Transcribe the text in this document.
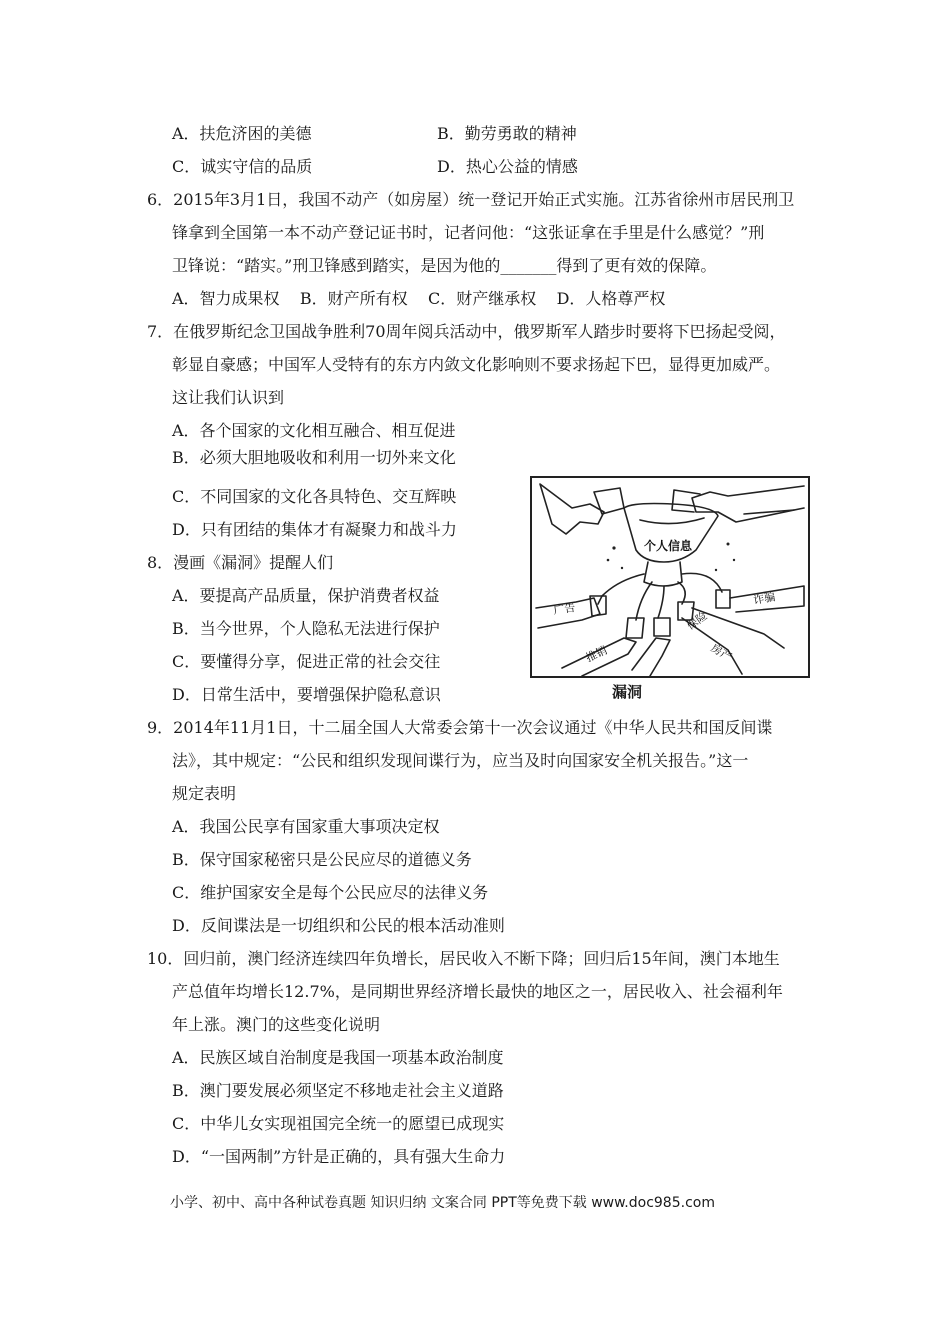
A．扶危济困的美德	B．勤劳勇敢的精神
C．诚实守信的品质	D．热心公益的情感
6．2015年3月1日，我国不动产（如房屋）统一登记开始正式实施。江苏省徐州市居民刑卫
锋拿到全国第一本不动产登记证书时，记者问他：“这张证拿在手里是什么感觉？”刑
卫锋说：“踏实。”刑卫锋感到踏实，是因为他的_______得到了更有效的保障。
A．智力成果权    B．财产所有权    C．财产继承权    D．人格尊严权
7．在俄罗斯纪念卫国战争胜利70周年阅兵活动中，俄罗斯军人踏步时要将下巴扬起受阅，
彰显自豪感；中国军人受特有的东方内敛文化影响则不要求扬起下巴，显得更加威严。
这让我们认识到
A．各个国家的文化相互融合、相互促进
B．必须大胆地吸收和利用一切外来文化
C．不同国家的文化各具特色、交互辉映
D．只有团结的集体才有凝聚力和战斗力
8．漫画《漏洞》提醒人们
A．要提高产品质量，保护消费者权益
B．当今世界，个人隐私无法进行保护
C．要懂得分享，促进正常的社会交往
D．日常生活中，要增强保护隐私意识
个人信息
广告
保险
诈骗
推销	房产
漏洞
9．2014年11月1日，十二届全国人大常委会第十一次会议通过《中华人民共和国反间谍
法》，其中规定：“公民和组织发现间谍行为，应当及时向国家安全机关报告。”这一
规定表明
A．我国公民享有国家重大事项决定权
B．保守国家秘密只是公民应尽的道德义务
C．维护国家安全是每个公民应尽的法律义务
D．反间谍法是一切组织和公民的根本活动准则
10．回归前，澳门经济连续四年负增长，居民收入不断下降；回归后15年间，澳门本地生
产总值年均增长12.7%，是同期世界经济增长最快的地区之一，居民收入、社会福利年
年上涨。澳门的这些变化说明
A．民族区域自治制度是我国一项基本政治制度
B．澳门要发展必须坚定不移地走社会主义道路
C．中华儿女实现祖国完全统一的愿望已成现实
D．“一国两制”方针是正确的，具有强大生命力
小学、初中、高中各种试卷真题 知识归纳 文案合同 PPT等免费下载 www.doc985.com
